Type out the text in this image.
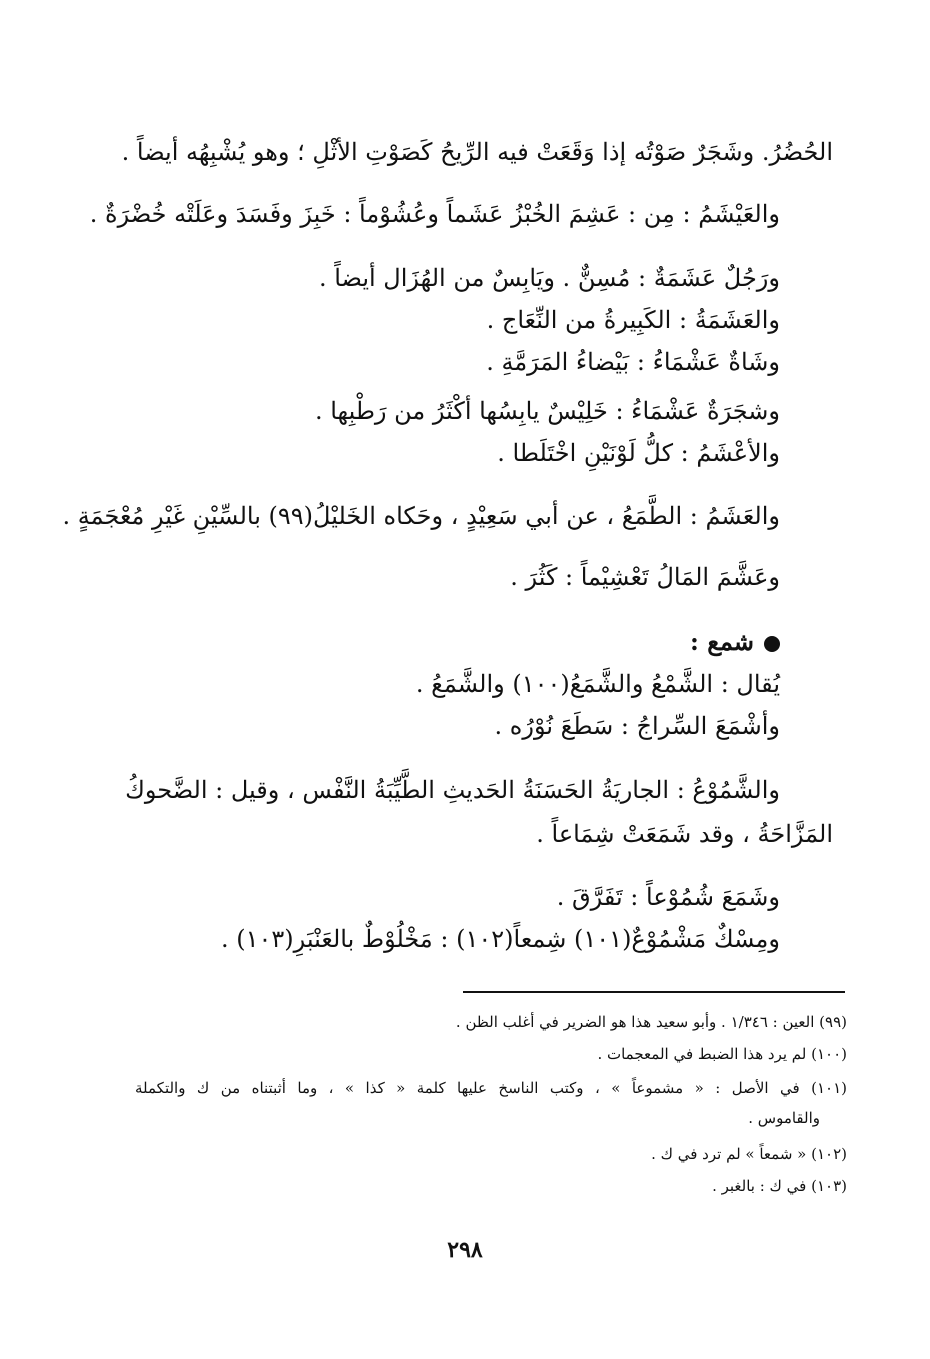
الحُضُرُ. وشَجَرٌ صَوْتُه إذا وَقَعَتْ فيه الرِّيحُ كَصَوْتِ الأثْلِ ؛ وهو يُشْبِهُه أيضاً .
والعَيْشَمُ : مِن : عَشِمَ الخُبْزُ عَشَماً وعُشُوْماً : خَبِزَ وفَسَدَ وعَلَتْه خُضْرَةٌ .
ورَجُلٌ عَشَمَةٌ : مُسِنٌّ . ويَابِسٌ من الهُزَال أيضاً .
والعَشَمَةُ : الكَبِيرةُ من النِّعَاج .
وشَاةٌ عَشْمَاءُ : بَيْضاءُ المَرَمَّةِ .
وشجَرَةٌ عَشْمَاءُ : خَلِيْسٌ يابِسُها أكْثَرُ من رَطْبِها .
والأعْشَمُ : كلُّ لَوْنَيْنِ اخْتَلَطا .
والعَشَمُ : الطَّمَعُ ، عن أبي سَعِيْدٍ ، وحَكاه الخَليْلُ(٩٩) بالسِّيْنِ غَيْرِ مُعْجَمَةٍ .
وعَشَّمَ المَالُ تَعْشِيْماً : كَثُرَ .
شمع :
يُقال : الشَّمْعُ والشَّمَعُ(١٠٠) والشَّمَعُ .
وأشْمَعَ السِّراجُ : سَطَعَ نُوْرُه .
والشَّمُوْعُ : الجاريَةُ الحَسَنَةُ الحَديثِ الطَّيِّبَةُ النَّفْس ، وقيل : الضَّحوكُ
المَزَّاحَةُ ، وقد شَمَعَتْ شِمَاعاً .
وشَمَعَ شُمُوْعاً : تَفَرَّقَ .
ومِسْكٌ مَشْمُوْعٌ(١٠١) شِمعاً(١٠٢) : مَخْلُوْطٌ بالعَنْبَرِ(١٠٣) .
(٩٩) العين : ١/٣٤٦ . وأبو سعيد هذا هو الضرير في أغلب الظن .
(١٠٠) لم يرد هذا الضبط في المعجمات .
(١٠١) في الأصل : « مشموعاً » ، وكتب الناسخ عليها كلمة « كذا » ، وما أثبتناه من ك والتكملة
والقاموس .
(١٠٢) « شمعاً » لم ترد في ك .
(١٠٣) في ك : بالغبر .
٢٩٨
